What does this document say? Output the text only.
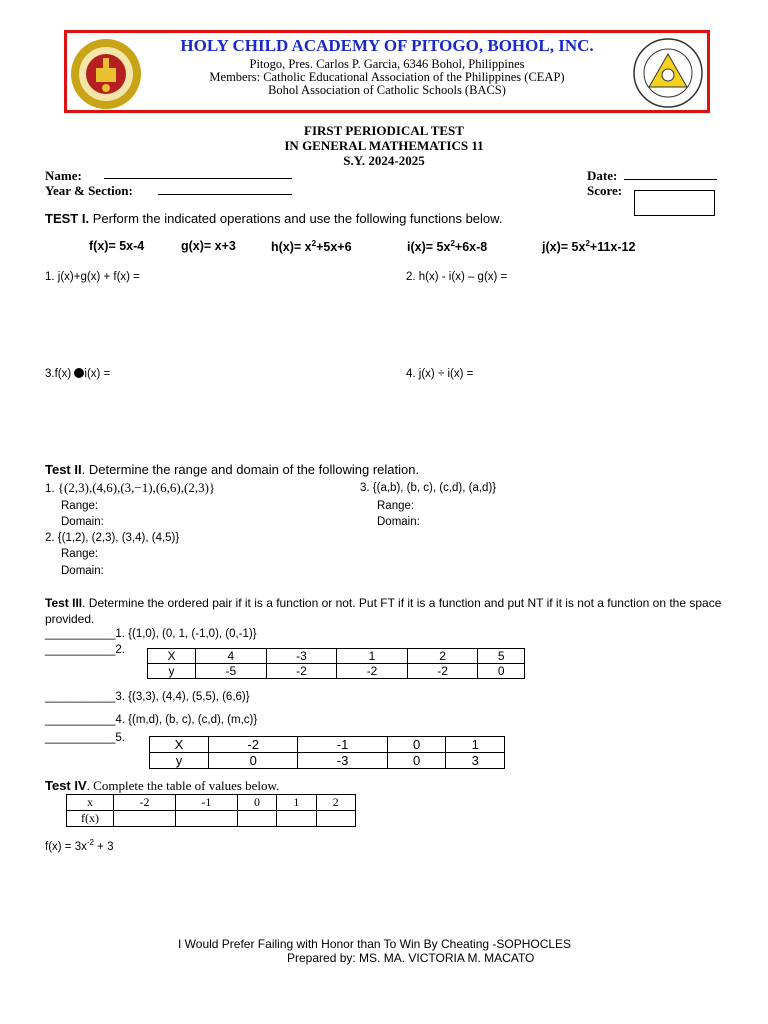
HOLY CHILD ACADEMY OF PITOGO, BOHOL, INC.
Pitogo, Pres. Carlos P. Garcia, 6346 Bohol, Philippines
Members: Catholic Educational Association of the Philippines (CEAP)
Bohol Association of Catholic Schools (BACS)
FIRST PERIODICAL TEST
IN GENERAL MATHEMATICS 11
S.Y. 2024-2025
Name:
Year & Section:
Date:
Score:
TEST I. Perform the indicated operations and use the following functions below.
f(x)= 5x-4	g(x)= x+3	$h(x)= x^2+5x+6$	$i(x)= 5x^2+6x-8$	$j(x)= 5x^2+11x-12$
1. j(x)+g(x) + f(x) =	2. h(x) - i(x) – g(x) =
3.f(x) i(x) =	4. j(x) ÷ i(x) =
Test II. Determine the range and domain of the following relation.
1. {(2,3),(4,6),(3,−1),(6,6),(2,3)}
Range:
Domain:
3. {(a,b), (b, c), (c,d), (a,d)}
Range:
Domain:
2. {(1,2), (2,3), (3,4), (4,5)}
Range:
Domain:
Test III. Determine the ordered pair if it is a function or not. Put FT if it is a function and put NT if it is not a function on the space provided.
___________1. {(1,0), (0, 1, (-1,0), (0,-1)}
___________2.	X	4	-3	1	2	5
y	-5	-2	-2	-2	0
___________3. {(3,3), (4,4), (5,5), (6,6)}
___________4. {(m,d), (b, c), (c,d), (m,c)}
___________5.	X	-2	-1	0	1
y	0	-3	0	3
Test IV. Complete the table of values below.
x	-2	-1	0	1	2
f(x)					
$f(x) = 3x^{-2} + 3$
I Would Prefer Failing with Honor than To Win By Cheating -SOPHOCLES
Prepared by: MS. MA. VICTORIA M. MACATO
